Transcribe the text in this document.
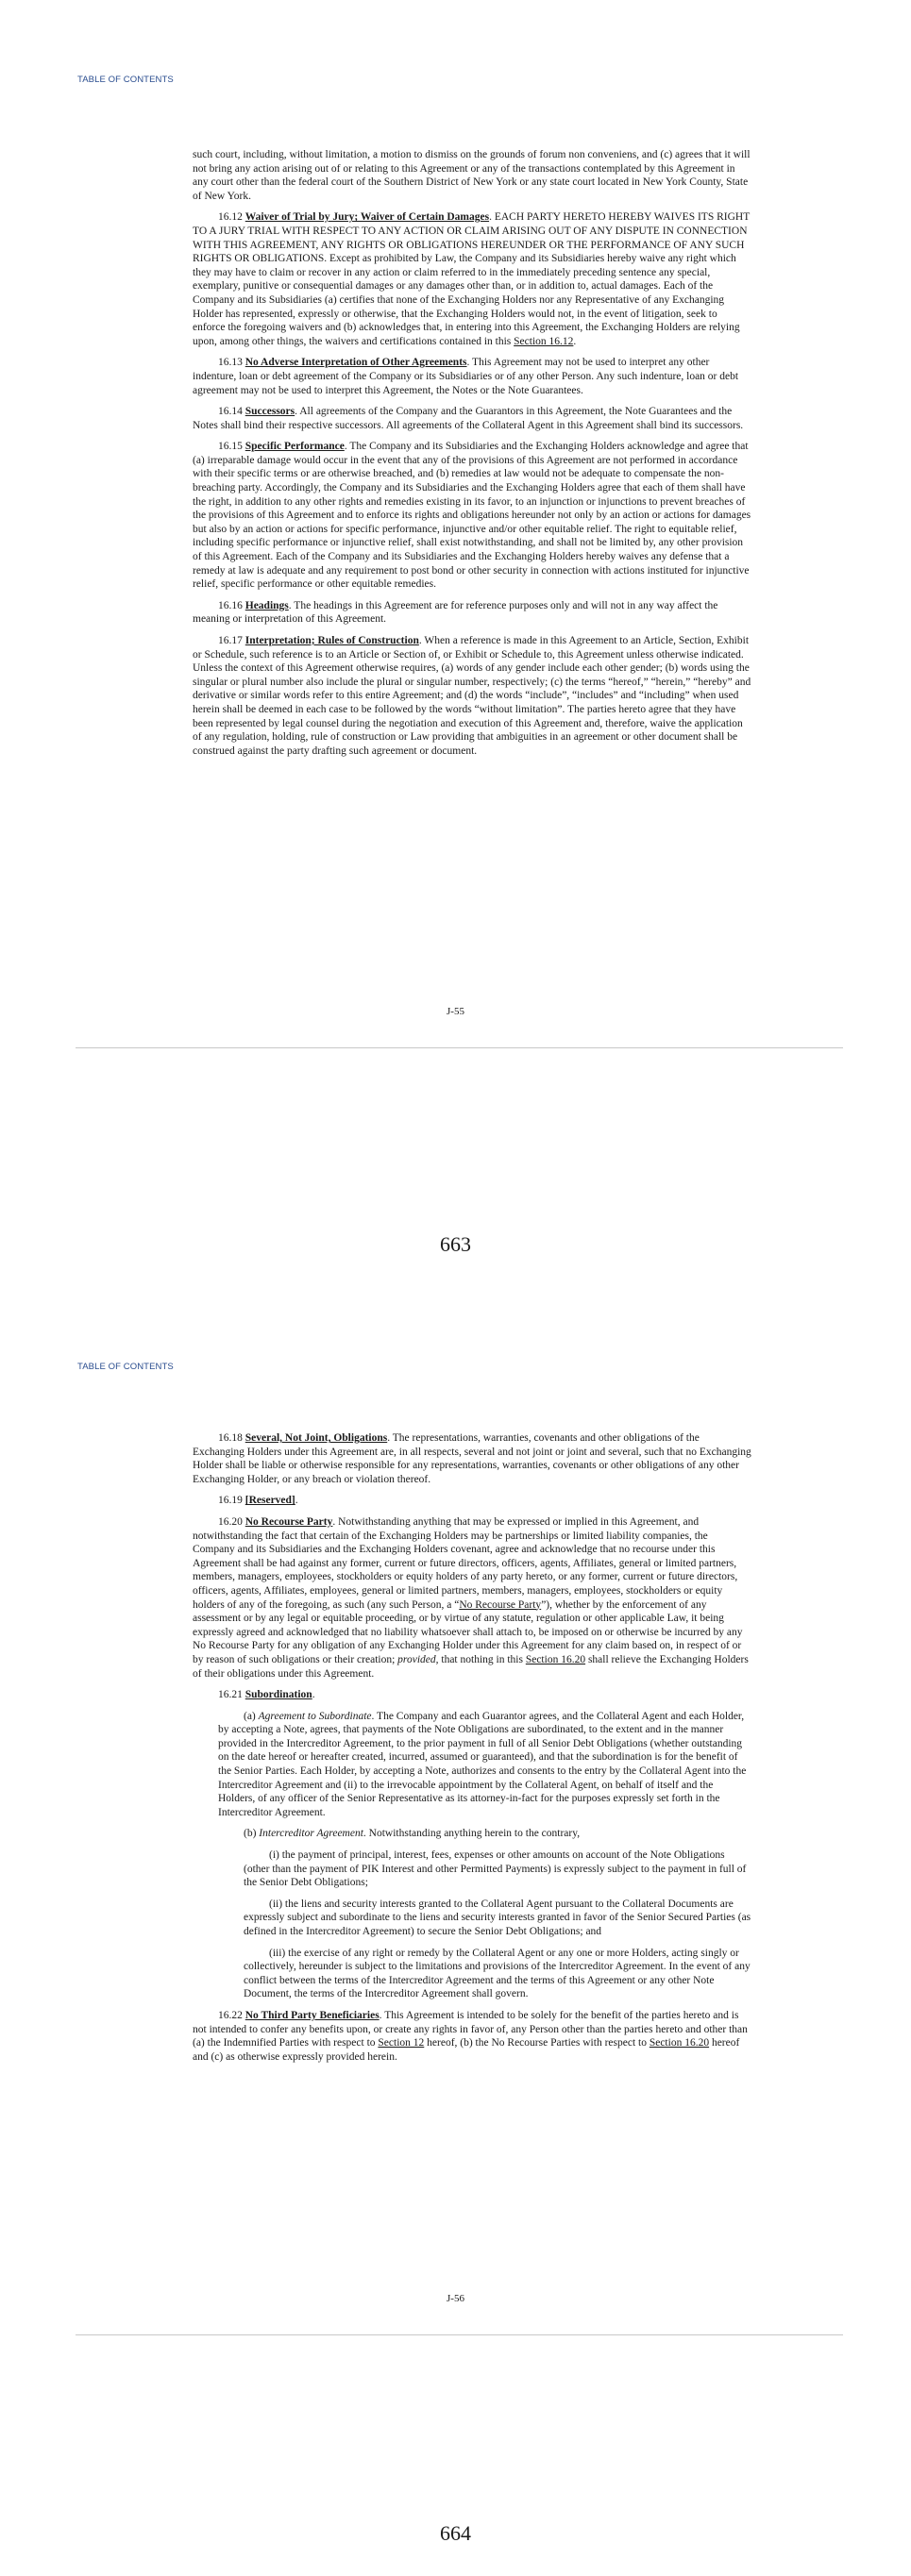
TABLE OF CONTENTS

such court, including, without limitation, a motion to dismiss on the grounds of forum non conveniens, and (c) agrees that it will not bring any action arising out of or relating to this Agreement or any of the transactions contemplated by this Agreement in any court other than the federal court of the Southern District of New York or any state court located in New York County, State of New York.

16.12 Waiver of Trial by Jury; Waiver of Certain Damages. EACH PARTY HERETO HEREBY WAIVES ITS RIGHT TO A JURY TRIAL WITH RESPECT TO ANY ACTION OR CLAIM ARISING OUT OF ANY DISPUTE IN CONNECTION WITH THIS AGREEMENT, ANY RIGHTS OR OBLIGATIONS HEREUNDER OR THE PERFORMANCE OF ANY SUCH RIGHTS OR OBLIGATIONS. Except as prohibited by Law, the Company and its Subsidiaries hereby waive any right which they may have to claim or recover in any action or claim referred to in the immediately preceding sentence any special, exemplary, punitive or consequential damages or any damages other than, or in addition to, actual damages. Each of the Company and its Subsidiaries (a) certifies that none of the Exchanging Holders nor any Representative of any Exchanging Holder has represented, expressly or otherwise, that the Exchanging Holders would not, in the event of litigation, seek to enforce the foregoing waivers and (b) acknowledges that, in entering into this Agreement, the Exchanging Holders are relying upon, among other things, the waivers and certifications contained in this Section 16.12.

16.13 No Adverse Interpretation of Other Agreements. This Agreement may not be used to interpret any other indenture, loan or debt agreement of the Company or its Subsidiaries or of any other Person. Any such indenture, loan or debt agreement may not be used to interpret this Agreement, the Notes or the Note Guarantees.

16.14 Successors. All agreements of the Company and the Guarantors in this Agreement, the Note Guarantees and the Notes shall bind their respective successors. All agreements of the Collateral Agent in this Agreement shall bind its successors.

16.15 Specific Performance. The Company and its Subsidiaries and the Exchanging Holders acknowledge and agree that (a) irreparable damage would occur in the event that any of the provisions of this Agreement are not performed in accordance with their specific terms or are otherwise breached, and (b) remedies at law would not be adequate to compensate the non-breaching party. Accordingly, the Company and its Subsidiaries and the Exchanging Holders agree that each of them shall have the right, in addition to any other rights and remedies existing in its favor, to an injunction or injunctions to prevent breaches of the provisions of this Agreement and to enforce its rights and obligations hereunder not only by an action or actions for damages but also by an action or actions for specific performance, injunctive and/or other equitable relief. The right to equitable relief, including specific performance or injunctive relief, shall exist notwithstanding, and shall not be limited by, any other provision of this Agreement. Each of the Company and its Subsidiaries and the Exchanging Holders hereby waives any defense that a remedy at law is adequate and any requirement to post bond or other security in connection with actions instituted for injunctive relief, specific performance or other equitable remedies.

16.16 Headings. The headings in this Agreement are for reference purposes only and will not in any way affect the meaning or interpretation of this Agreement.

16.17 Interpretation; Rules of Construction. When a reference is made in this Agreement to an Article, Section, Exhibit or Schedule, such reference is to an Article or Section of, or Exhibit or Schedule to, this Agreement unless otherwise indicated. Unless the context of this Agreement otherwise requires, (a) words of any gender include each other gender; (b) words using the singular or plural number also include the plural or singular number, respectively; (c) the terms “hereof,” “herein,” “hereby” and derivative or similar words refer to this entire Agreement; and (d) the words “include”, “includes” and “including” when used herein shall be deemed in each case to be followed by the words “without limitation”. The parties hereto agree that they have been represented by legal counsel during the negotiation and execution of this Agreement and, therefore, waive the application of any regulation, holding, rule of construction or Law providing that ambiguities in an agreement or other document shall be construed against the party drafting such agreement or document.

J-55
663
TABLE OF CONTENTS

16.18 Several, Not Joint, Obligations. The representations, warranties, covenants and other obligations of the Exchanging Holders under this Agreement are, in all respects, several and not joint or joint and several, such that no Exchanging Holder shall be liable or otherwise responsible for any representations, warranties, covenants or other obligations of any other Exchanging Holder, or any breach or violation thereof.

16.19 [Reserved].

16.20 No Recourse Party. Notwithstanding anything that may be expressed or implied in this Agreement, and notwithstanding the fact that certain of the Exchanging Holders may be partnerships or limited liability companies, the Company and its Subsidiaries and the Exchanging Holders covenant, agree and acknowledge that no recourse under this Agreement shall be had against any former, current or future directors, officers, agents, Affiliates, general or limited partners, members, managers, employees, stockholders or equity holders of any party hereto, or any former, current or future directors, officers, agents, Affiliates, employees, general or limited partners, members, managers, employees, stockholders or equity holders of any of the foregoing, as such (any such Person, a “No Recourse Party”), whether by the enforcement of any assessment or by any legal or equitable proceeding, or by virtue of any statute, regulation or other applicable Law, it being expressly agreed and acknowledged that no liability whatsoever shall attach to, be imposed on or otherwise be incurred by any No Recourse Party for any obligation of any Exchanging Holder under this Agreement for any claim based on, in respect of or by reason of such obligations or their creation; provided, that nothing in this Section 16.20 shall relieve the Exchanging Holders of their obligations under this Agreement.

16.21 Subordination.

(a) Agreement to Subordinate. The Company and each Guarantor agrees, and the Collateral Agent and each Holder, by accepting a Note, agrees, that payments of the Note Obligations are subordinated, to the extent and in the manner provided in the Intercreditor Agreement, to the prior payment in full of all Senior Debt Obligations (whether outstanding on the date hereof or hereafter created, incurred, assumed or guaranteed), and that the subordination is for the benefit of the Senior Parties. Each Holder, by accepting a Note, authorizes and consents to the entry by the Collateral Agent into the Intercreditor Agreement and (ii) to the irrevocable appointment by the Collateral Agent, on behalf of itself and the Holders, of any officer of the Senior Representative as its attorney-in-fact for the purposes expressly set forth in the Intercreditor Agreement.

(b) Intercreditor Agreement. Notwithstanding anything herein to the contrary,

(i) the payment of principal, interest, fees, expenses or other amounts on account of the Note Obligations (other than the payment of PIK Interest and other Permitted Payments) is expressly subject to the payment in full of the Senior Debt Obligations;

(ii) the liens and security interests granted to the Collateral Agent pursuant to the Collateral Documents are expressly subject and subordinate to the liens and security interests granted in favor of the Senior Secured Parties (as defined in the Intercreditor Agreement) to secure the Senior Debt Obligations; and

(iii) the exercise of any right or remedy by the Collateral Agent or any one or more Holders, acting singly or collectively, hereunder is subject to the limitations and provisions of the Intercreditor Agreement. In the event of any conflict between the terms of the Intercreditor Agreement and the terms of this Agreement or any other Note Document, the terms of the Intercreditor Agreement shall govern.

16.22 No Third Party Beneficiaries. This Agreement is intended to be solely for the benefit of the parties hereto and is not intended to confer any benefits upon, or create any rights in favor of, any Person other than the parties hereto and other than (a) the Indemnified Parties with respect to Section 12 hereof, (b) the No Recourse Parties with respect to Section 16.20 hereof and (c) as otherwise expressly provided herein.

J-56
664
